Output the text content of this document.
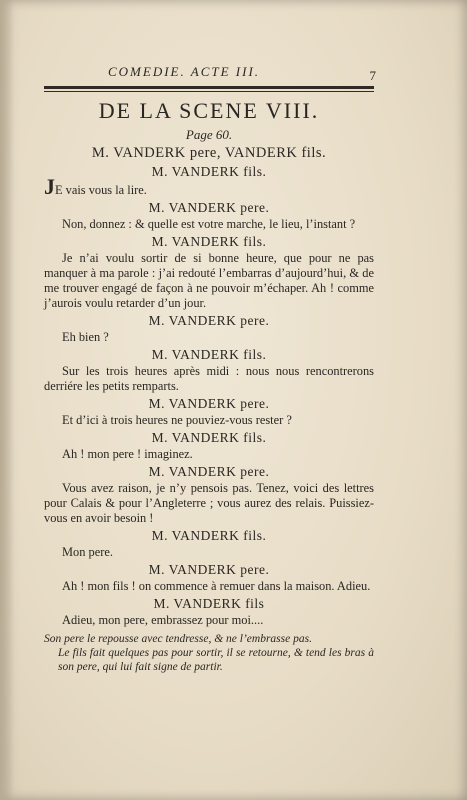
COMEDIE. ACTE III.	7
DE LA SCENE VIII.
Page 60.
M. VANDERK pere, VANDERK fils.
M. VANDERK fils.
JE vais vous la lire.
M. VANDERK pere.
Non, donnez : & quelle est votre marche, le lieu, l’instant ?
M. VANDERK fils.
Je n’ai voulu sortir de si bonne heure, que pour ne pas manquer à ma parole : j’ai redouté l’embarras d’aujourd’hui, & de me trouver engagé de façon à ne pouvoir m’échaper. Ah ! comme j’aurois voulu retarder d’un jour.
M. VANDERK pere.
Eh bien ?
M. VANDERK fils.
Sur les trois heures après midi : nous nous rencontrerons derriére les petits remparts.
M. VANDERK pere.
Et d’ici à trois heures ne pouviez-vous rester ?
M. VANDERK fils.
Ah ! mon pere ! imaginez.
M. VANDERK pere.
Vous avez raison, je n’y pensois pas. Tenez, voici des lettres pour Calais & pour l’Angleterre ; vous aurez des relais. Puissiez-vous en avoir besoin !
M. VANDERK fils.
Mon pere.
M. VANDERK pere.
Ah ! mon fils ! on commence à remuer dans la maison. Adieu.
M. VANDERK fils
Adieu, mon pere, embrassez pour moi....
Son pere le repousse avec tendresse, & ne l’embrasse pas.
Le fils fait quelques pas pour sortir, il se retourne, & tend les bras à son pere, qui lui fait signe de partir.
